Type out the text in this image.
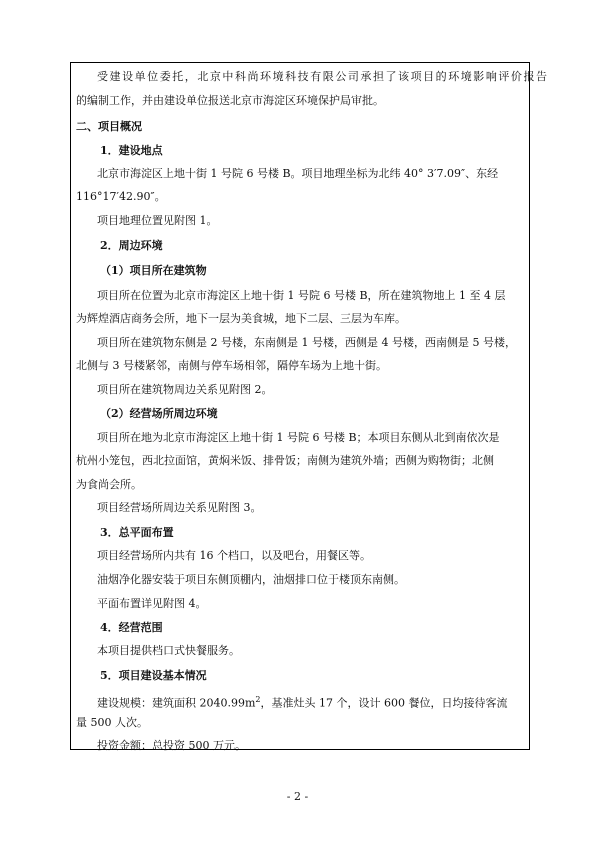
受建设单位委托，北京中科尚环境科技有限公司承担了该项目的环境影响评价报告
的编制工作，并由建设单位报送北京市海淀区环境保护局审批。
二、项目概况
1．建设地点
北京市海淀区上地十街 1 号院 6 号楼 B。项目地理坐标为北纬 40° 3′7.09″、东经
116°17′42.90″。
项目地理位置见附图 1。
2．周边环境
（1）项目所在建筑物
项目所在位置为北京市海淀区上地十街 1 号院 6 号楼 B，所在建筑物地上 1 至 4 层
为辉煌酒店商务会所，地下一层为美食城，地下二层、三层为车库。
项目所在建筑物东侧是 2 号楼，东南侧是 1 号楼，西侧是 4 号楼，西南侧是 5 号楼，
北侧与 3 号楼紧邻，南侧与停车场相邻，隔停车场为上地十街。
项目所在建筑物周边关系见附图 2。
（2）经营场所周边环境
项目所在地为北京市海淀区上地十街 1 号院 6 号楼 B；本项目东侧从北到南依次是
杭州小笼包，西北拉面馆，黄焖米饭、排骨饭；南侧为建筑外墙；西侧为购物街；北侧
为食尚会所。
项目经营场所周边关系见附图 3。
3．总平面布置
项目经营场所内共有 16 个档口，以及吧台，用餐区等。
油烟净化器安装于项目东侧顶棚内，油烟排口位于楼顶东南侧。
平面布置详见附图 4。
4．经营范围
本项目提供档口式快餐服务。
5．项目建设基本情况
建设规模：建筑面积 $2040.99m^2$，基准灶头 17 个，设计 600 餐位，日均接待客流
量 500 人次。
投资金额：总投资 500 万元。
- 2 -
